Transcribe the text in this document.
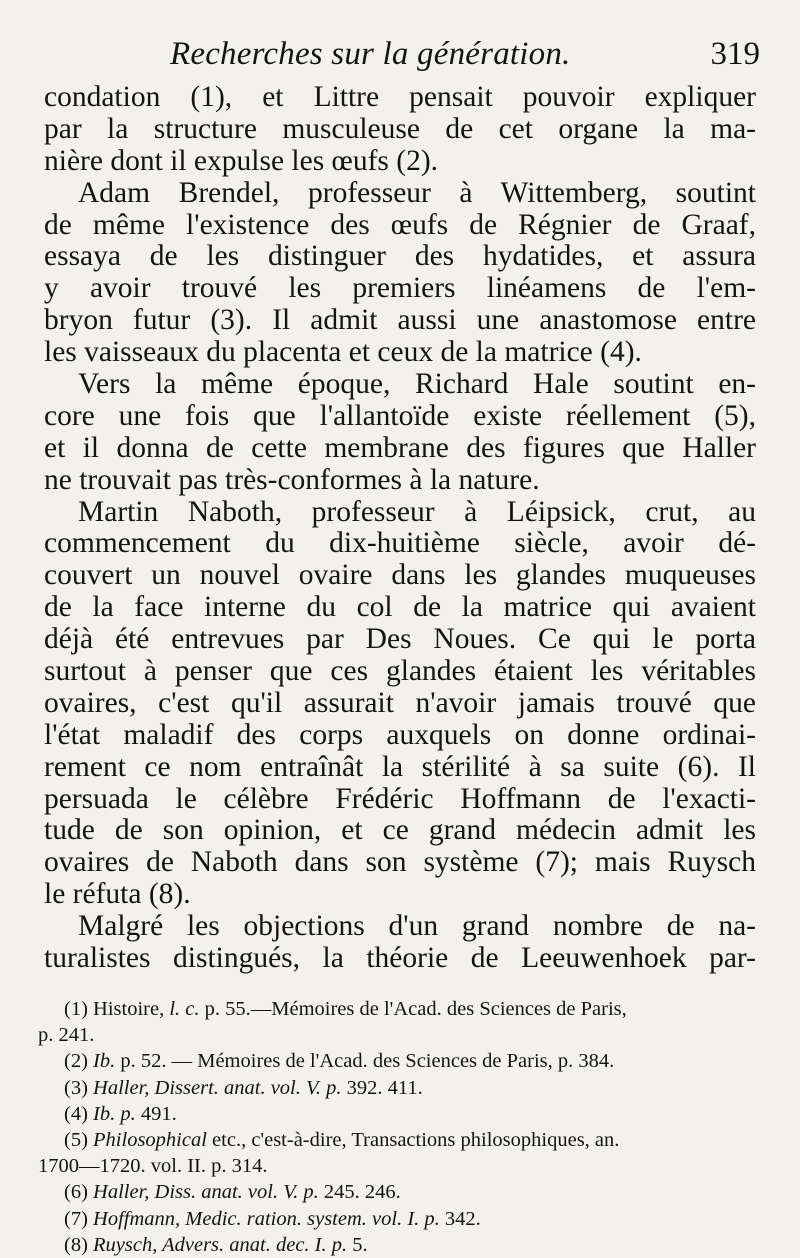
Recherches sur la génération.	319
condation (1), et Littre pensait pouvoir expliquer
par la structure musculeuse de cet organe la ma-
nière dont il expulse les œufs (2).
Adam Brendel, professeur à Wittemberg, soutint
de même l'existence des œufs de Régnier de Graaf,
essaya de les distinguer des hydatides, et assura
y avoir trouvé les premiers linéamens de l'em-
bryon futur (3). Il admit aussi une anastomose entre
les vaisseaux du placenta et ceux de la matrice (4).
Vers la même époque, Richard Hale soutint en-
core une fois que l'allantoïde existe réellement (5),
et il donna de cette membrane des figures que Haller
ne trouvait pas très-conformes à la nature.
Martin Naboth, professeur à Léipsick, crut, au
commencement du dix-huitième siècle, avoir dé-
couvert un nouvel ovaire dans les glandes muqueuses
de la face interne du col de la matrice qui avaient
déjà été entrevues par Des Noues. Ce qui le porta
surtout à penser que ces glandes étaient les véritables
ovaires, c'est qu'il assurait n'avoir jamais trouvé que
l'état maladif des corps auxquels on donne ordinai-
rement ce nom entraînât la stérilité à sa suite (6). Il
persuada le célèbre Frédéric Hoffmann de l'exacti-
tude de son opinion, et ce grand médecin admit les
ovaires de Naboth dans son système (7); mais Ruysch
le réfuta (8).
Malgré les objections d'un grand nombre de na-
turalistes distingués, la théorie de Leeuwenhoek par-
(1) Histoire, l. c. p. 55.—Mémoires de l'Acad. des Sciences de Paris,
p. 241.
(2) Ib. p. 52. — Mémoires de l'Acad. des Sciences de Paris, p. 384.
(3) Haller, Dissert. anat. vol. V. p. 392. 411.
(4) Ib. p. 491.
(5) Philosophical etc., c'est-à-dire, Transactions philosophiques, an.
1700—1720. vol. II. p. 314.
(6) Haller, Diss. anat. vol. V. p. 245. 246.
(7) Hoffmann, Medic. ration. system. vol. I. p. 342.
(8) Ruysch, Advers. anat. dec. I. p. 5.
